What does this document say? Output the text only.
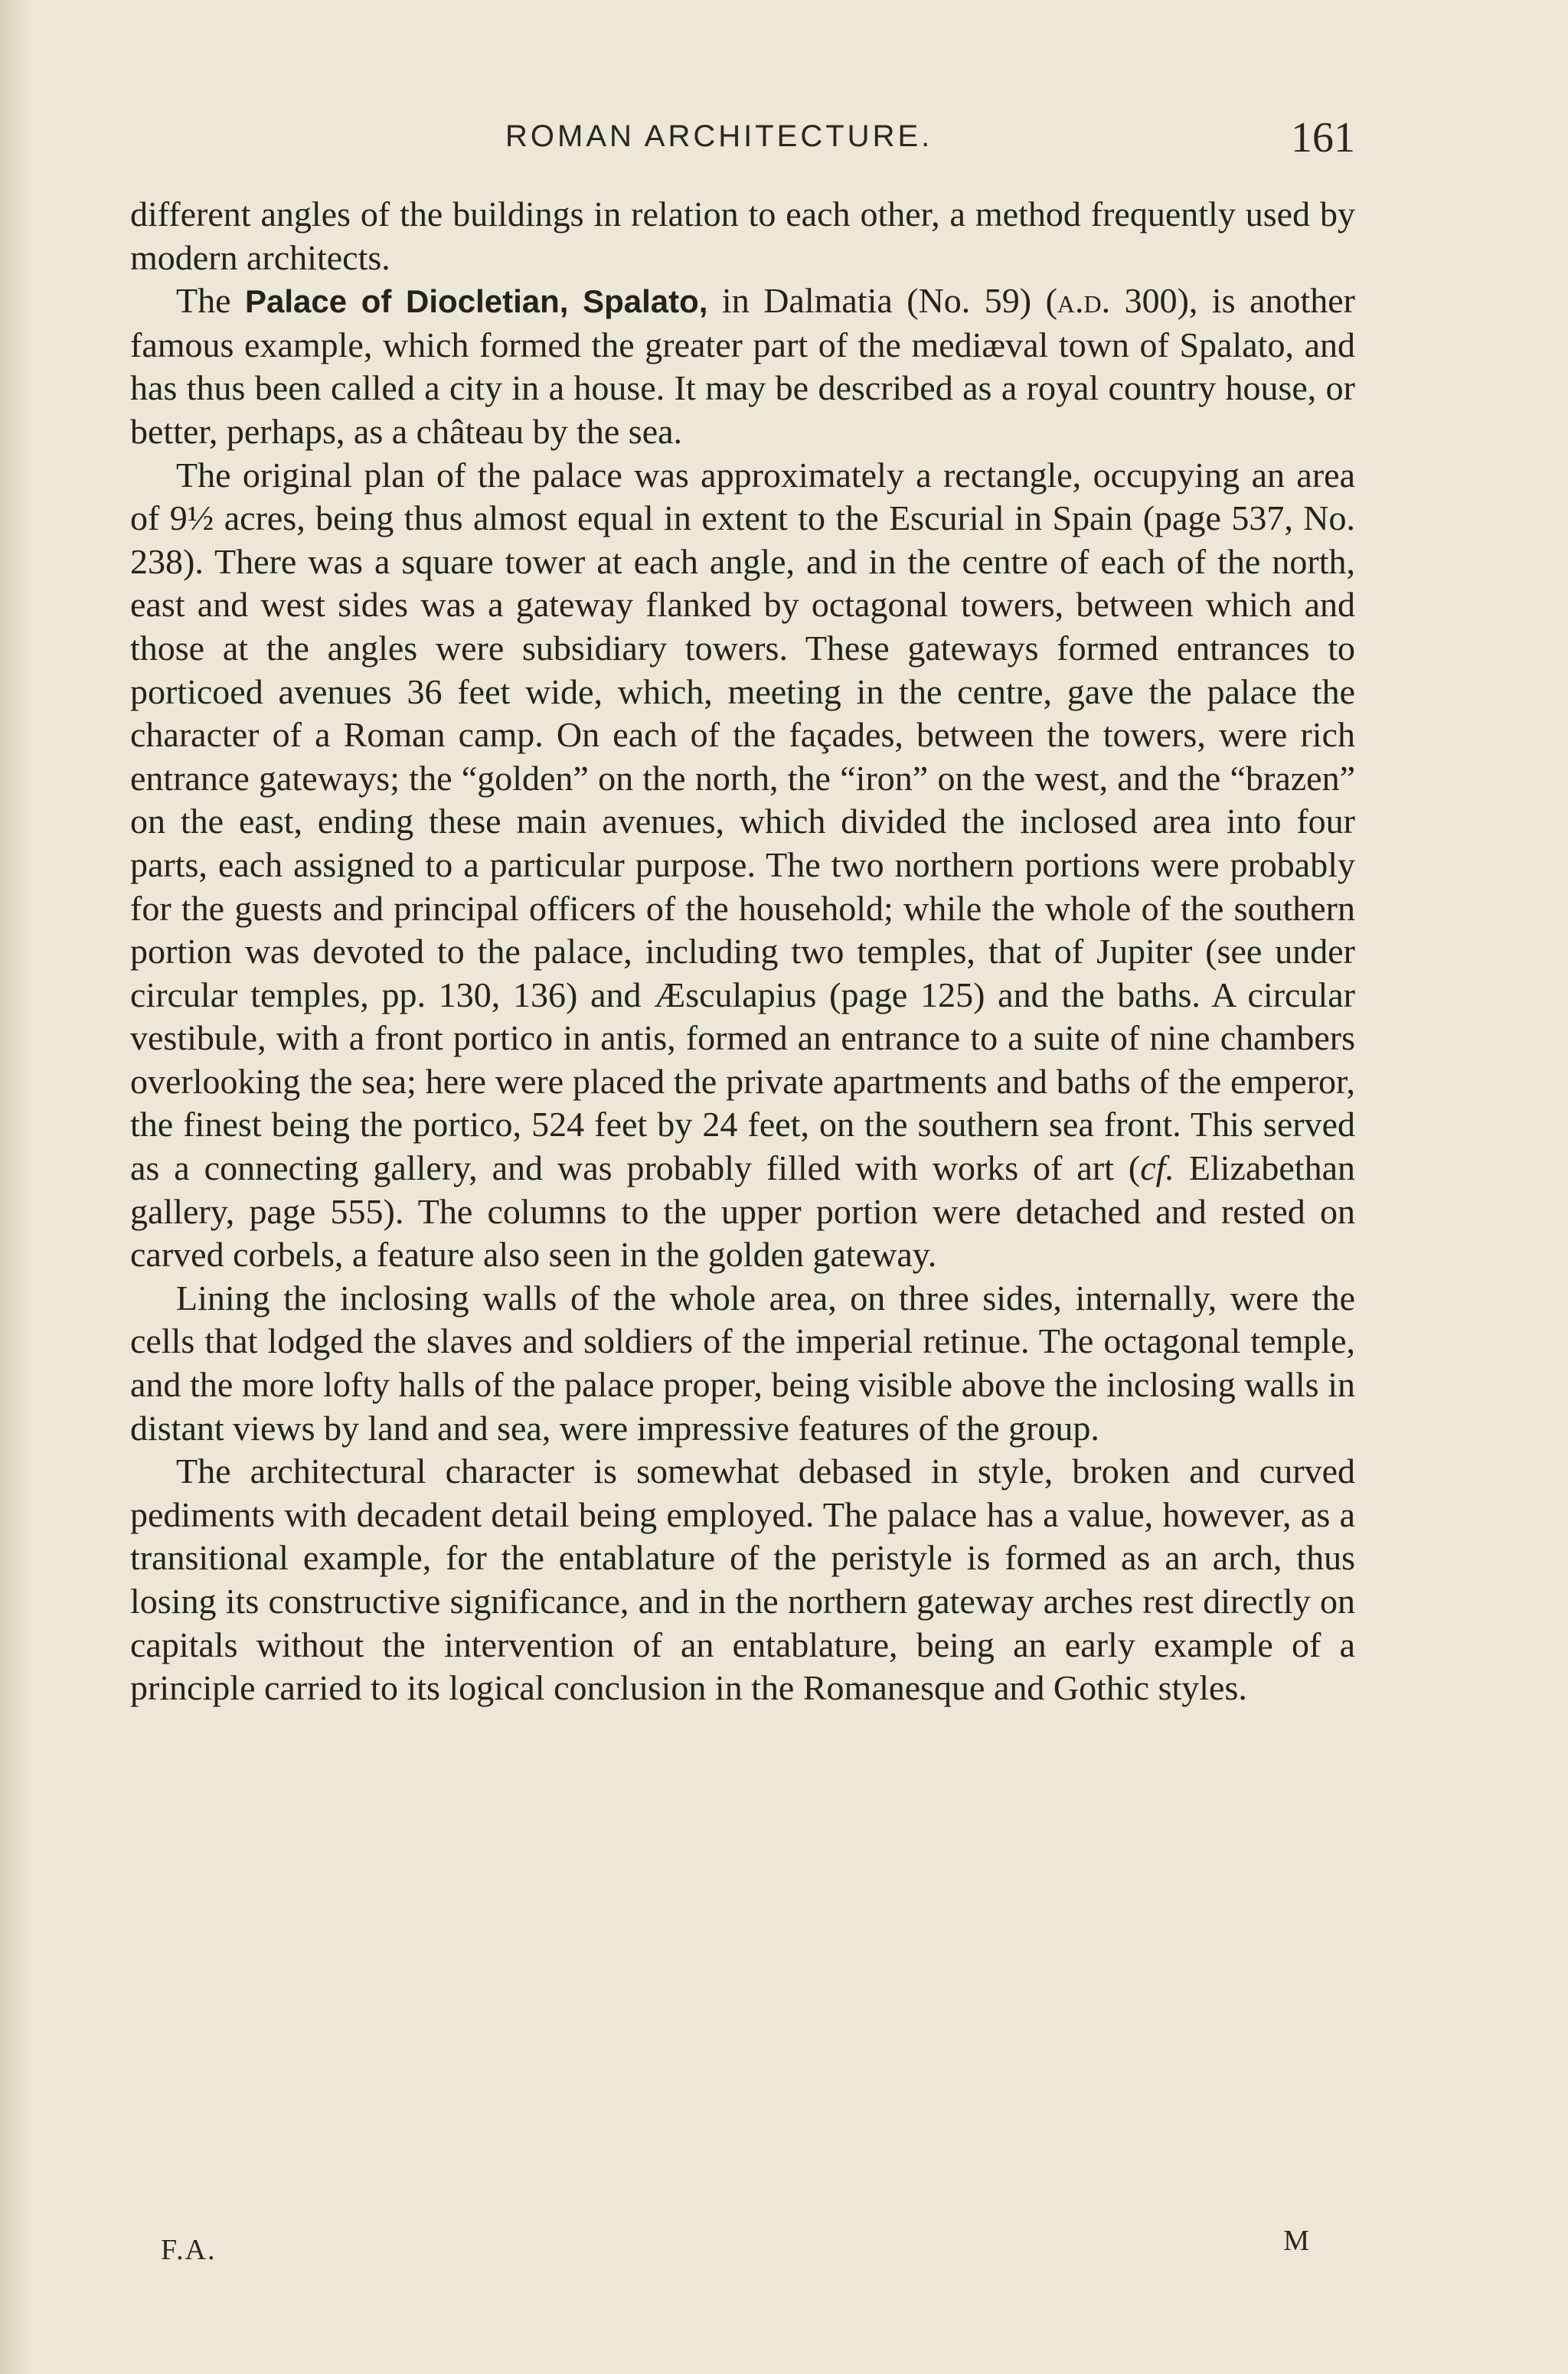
ROMAN ARCHITECTURE.	161

different angles of the buildings in relation to each other, a method frequently used by modern architects.

The Palace of Diocletian, Spalato, in Dalmatia (No. 59) (a.d. 300), is another famous example, which formed the greater part of the mediæval town of Spalato, and has thus been called a city in a house. It may be described as a royal country house, or better, perhaps, as a château by the sea.

The original plan of the palace was approximately a rectangle, occupying an area of 9½ acres, being thus almost equal in extent to the Escurial in Spain (page 537, No. 238). There was a square tower at each angle, and in the centre of each of the north, east and west sides was a gateway flanked by octagonal towers, between which and those at the angles were subsidiary towers. These gateways formed entrances to porticoed avenues 36 feet wide, which, meeting in the centre, gave the palace the character of a Roman camp. On each of the façades, between the towers, were rich entrance gateways; the “golden” on the north, the “iron” on the west, and the “brazen” on the east, ending these main avenues, which divided the inclosed area into four parts, each assigned to a particular purpose. The two northern portions were probably for the guests and principal officers of the household; while the whole of the southern portion was devoted to the palace, including two temples, that of Jupiter (see under circular temples, pp. 130, 136) and Æsculapius (page 125) and the baths. A circular vestibule, with a front portico in antis, formed an entrance to a suite of nine chambers overlooking the sea; here were placed the private apartments and baths of the emperor, the finest being the portico, 524 feet by 24 feet, on the southern sea front. This served as a connecting gallery, and was probably filled with works of art (cf. Elizabethan gallery, page 555). The columns to the upper portion were detached and rested on carved corbels, a feature also seen in the golden gateway.

Lining the inclosing walls of the whole area, on three sides, internally, were the cells that lodged the slaves and soldiers of the imperial retinue. The octagonal temple, and the more lofty halls of the palace proper, being visible above the inclosing walls in distant views by land and sea, were impressive features of the group.

The architectural character is somewhat debased in style, broken and curved pediments with decadent detail being employed. The palace has a value, however, as a transitional example, for the entablature of the peristyle is formed as an arch, thus losing its constructive significance, and in the northern gateway arches rest directly on capitals without the intervention of an entablature, being an early example of a principle carried to its logical conclusion in the Romanesque and Gothic styles.

F.A.	M
